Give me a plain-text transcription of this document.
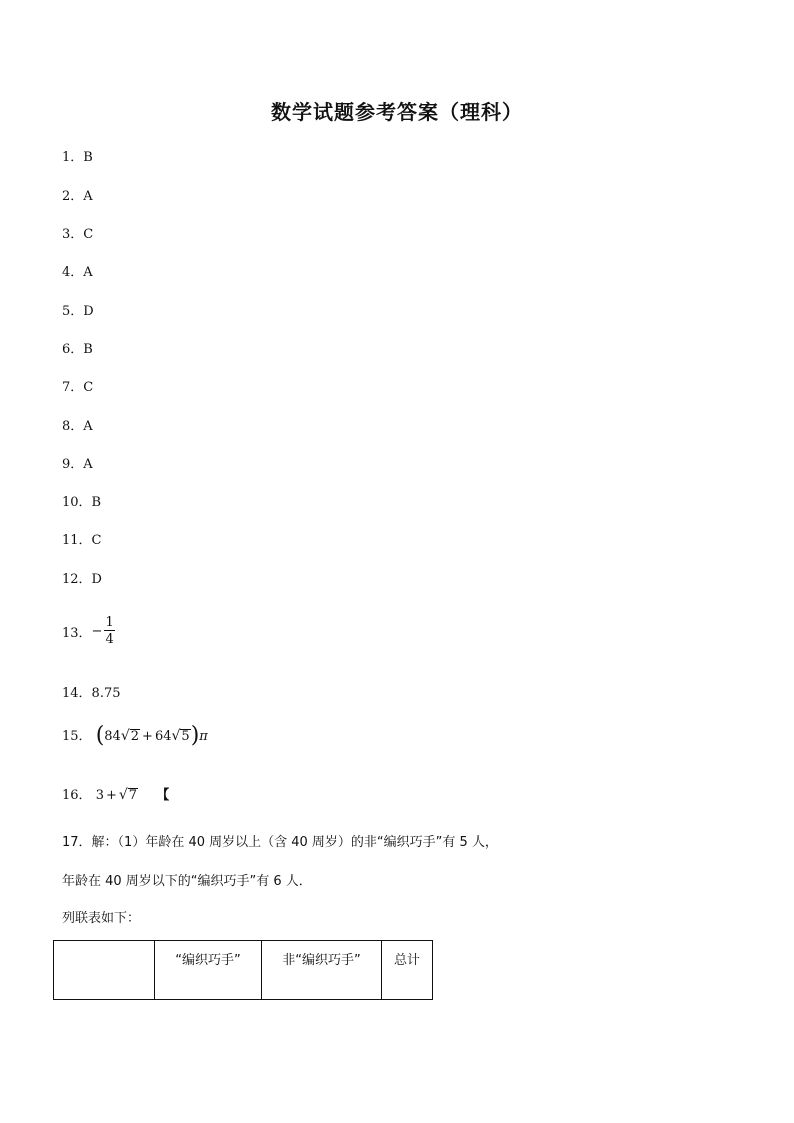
数学试题参考答案（理科）
1．B
2．A
3．C
4．A
5．D
6．B
7．C
8．A
9．A
10．B
11．C
12．D
13．− $\frac{1}{4}$
14．8.75
15． (84√2 + 64√5)π
16． 3 + √7 【
17．解：（1）年龄在 40 周岁以上（含 40 周岁）的非“编织巧手”有 5 人，
年龄在 40 周岁以下的“编织巧手”有 6 人．
列联表如下：
	“编织巧手”	非“编织巧手”	总计
